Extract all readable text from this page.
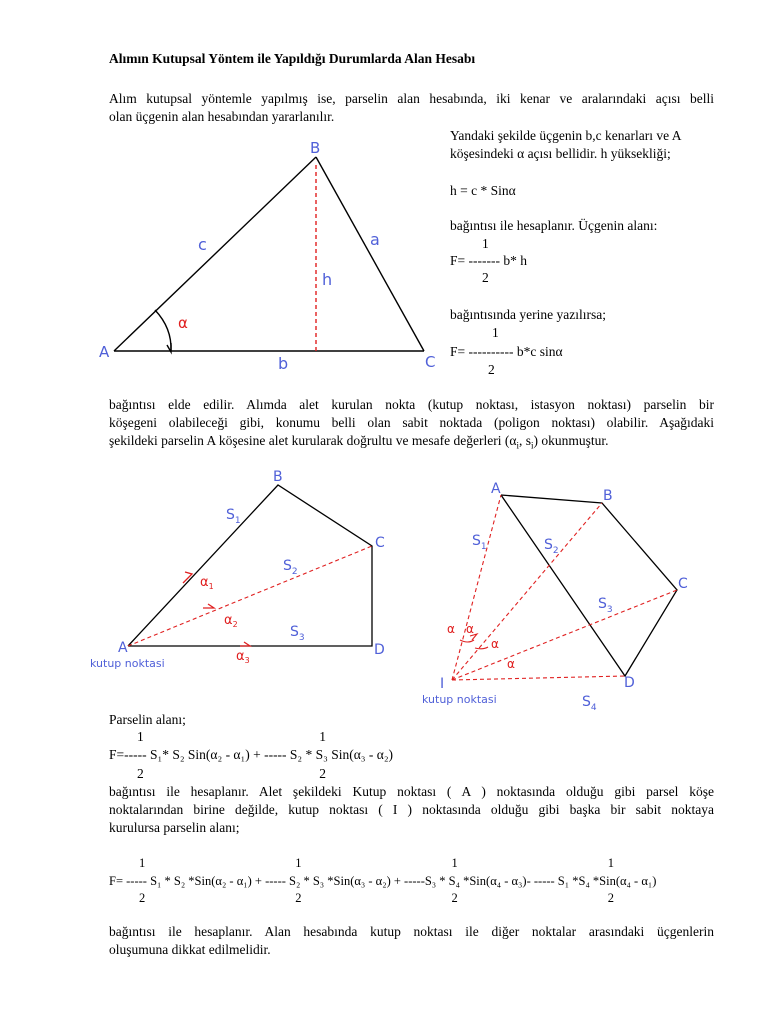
Alımın Kutupsal Yöntem ile Yapıldığı Durumlarda Alan Hesabı
Alım kutupsal yöntemle yapılmış ise, parselin alan hesabında, iki kenar ve aralarındaki açısı belli
olan üçgenin alan hesabından yararlanılır.
Yandaki şekilde üçgenin b,c kenarları ve A
köşesindeki α açısı bellidir. h yüksekliği;
h = c * Sinα
bağıntısı ile hesaplanır. Üçgenin alanı:
1
F= ------- b* h
2
bağıntısında yerine yazılırsa;
1
F= ---------- b*c sinα
2
A
B
C
c	a
b
h
α
bağıntısı elde edilir. Alımda alet kurulan nokta (kutup noktası, istasyon noktası) parselin bir
köşegeni olabileceği gibi, konumu belli olan sabit noktada (poligon noktası) olabilir. Aşağıdaki
şekildeki parselin A köşesine alet kurularak doğrultu ve mesafe değerleri ($\alpha_i$, $s_i$) okunmuştur.
A
B
C
D
$S_1$
$S_2$
$S_3$
$\alpha_1$
$\alpha_2$
$\alpha_3$
kutup noktasi
A	B
C
D
I
$S_1$	$S_2$
$S_3$
$S_4$
α α
α
α
kutup noktasi
Parselin alanı;
1                                                    1
F=----- S₁* S₂ Sin(α₂ - α₁) + ----- S₂ * S₃ Sin(α₃ - α₂)
2                                                    2
bağıntısı ile hesaplanır. Alet şekildeki Kutup noktası ( A ) noktasında olduğu gibi parsel köşe
noktalarından birine değilde, kutup noktası ( I ) noktasında olduğu gibi başka bir sabit noktaya
kurulursa parselin alanı;
1                                                1                                                1                                                1
F= ----- S₁ * S₂ *Sin(α₂ - α₁) + ----- S₂ * S₃ *Sin(α₃ - α₂) + -----S₃ * S₄ *Sin(α₄ - α₃)- ----- S₁ *S₄ *Sin(α₄ - α₁)
2                                                2                                                2                                                2
bağıntısı ile hesaplanır. Alan hesabında kutup noktası ile diğer noktalar arasındaki üçgenlerin
oluşumuna dikkat edilmelidir.
